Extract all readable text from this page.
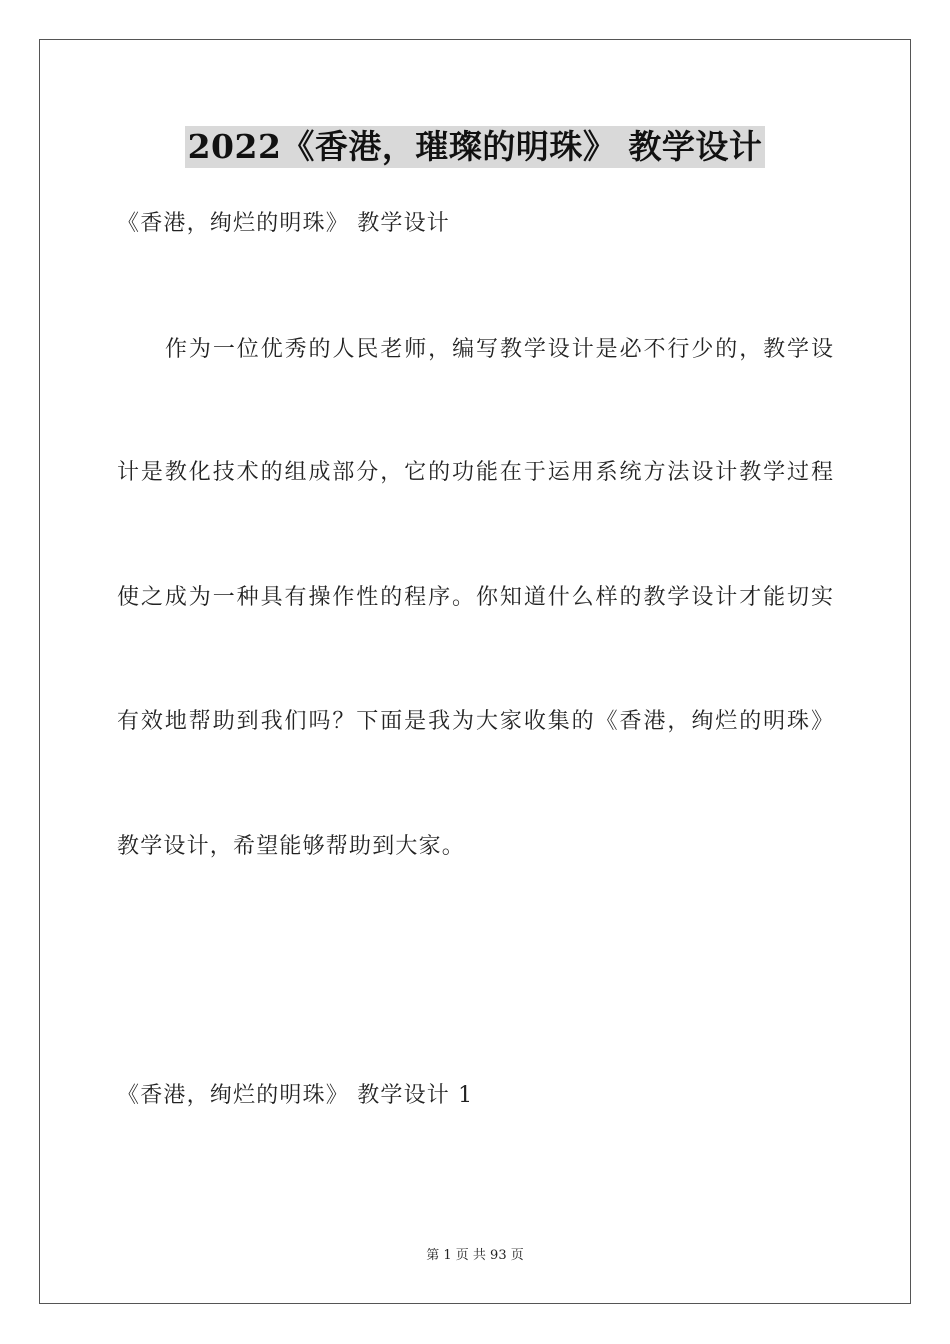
2022《香港，璀璨的明珠》 教学设计

《香港，绚烂的明珠》 教学设计

作为一位优秀的人民老师，编写教学设计是必不行少的，教学设

计是教化技术的组成部分，它的功能在于运用系统方法设计教学过程

使之成为一种具有操作性的程序。你知道什么样的教学设计才能切实

有效地帮助到我们吗？下面是我为大家收集的《香港，绚烂的明珠》

教学设计，希望能够帮助到大家。

《香港，绚烂的明珠》 教学设计 1

第 1 页 共 93 页
